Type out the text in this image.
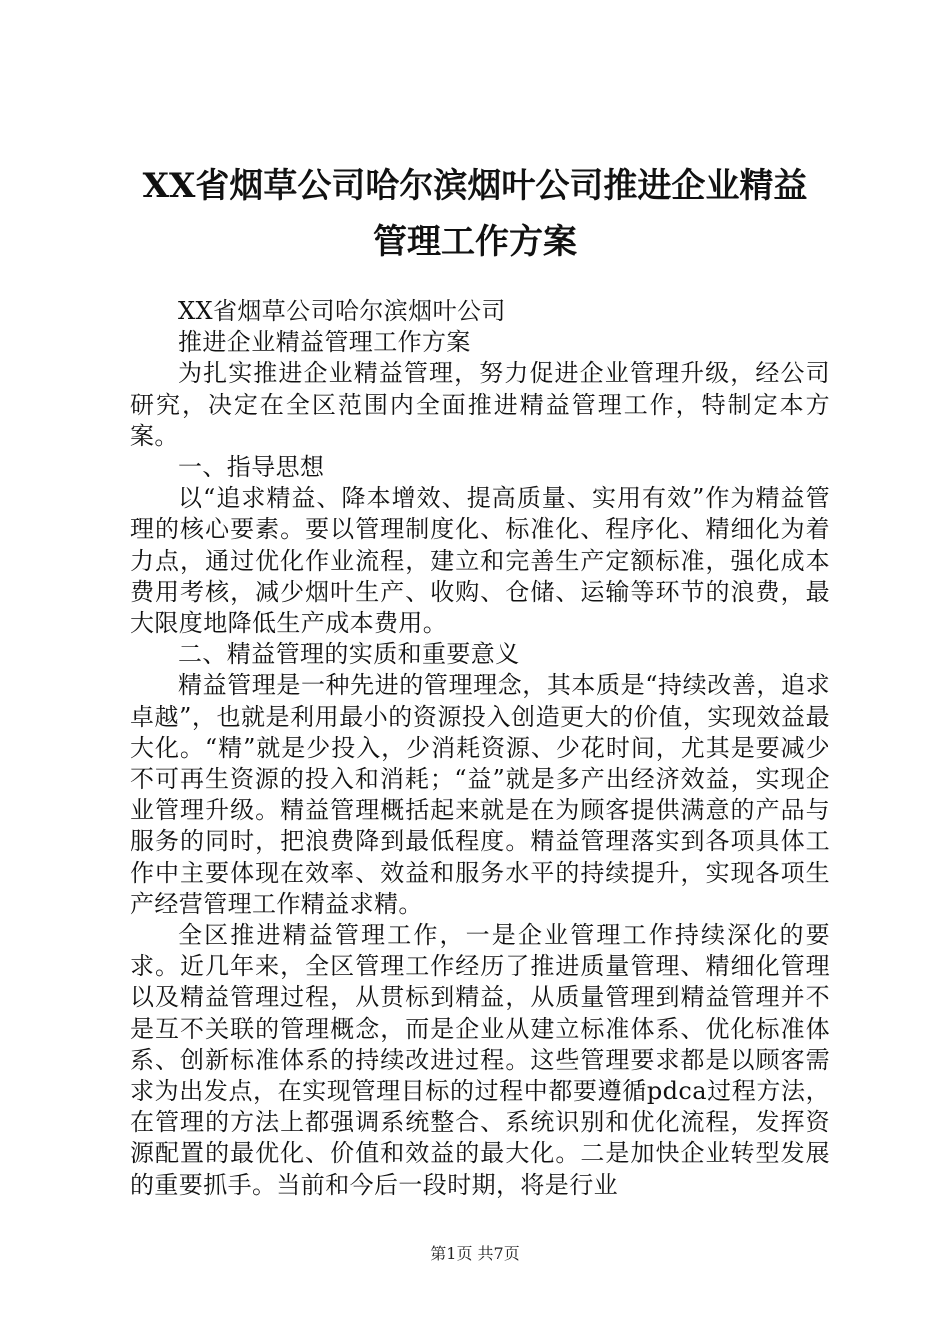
XX省烟草公司哈尔滨烟叶公司推进企业精益
管理工作方案

XX省烟草公司哈尔滨烟叶公司

推进企业精益管理工作方案

为扎实推进企业精益管理，努力促进企业管理升级，经公司研究，决定在全区范围内全面推进精益管理工作，特制定本方案。

一、指导思想

以“追求精益、降本增效、提高质量、实用有效”作为精益管理的核心要素。要以管理制度化、标准化、程序化、精细化为着力点，通过优化作业流程，建立和完善生产定额标准，强化成本费用考核，减少烟叶生产、收购、仓储、运输等环节的浪费，最大限度地降低生产成本费用。

二、精益管理的实质和重要意义

精益管理是一种先进的管理理念，其本质是“持续改善，追求卓越”，也就是利用最小的资源投入创造更大的价值，实现效益最大化。“精”就是少投入，少消耗资源、少花时间，尤其是要减少不可再生资源的投入和消耗；“益”就是多产出经济效益，实现企业管理升级。精益管理概括起来就是在为顾客提供满意的产品与服务的同时，把浪费降到最低程度。精益管理落实到各项具体工作中主要体现在效率、效益和服务水平的持续提升，实现各项生产经营管理工作精益求精。

全区推进精益管理工作，一是企业管理工作持续深化的要求。近几年来，全区管理工作经历了推进质量管理、精细化管理以及精益管理过程，从贯标到精益，从质量管理到精益管理并不是互不关联的管理概念，而是企业从建立标准体系、优化标准体系、创新标准体系的持续改进过程。这些管理要求都是以顾客需求为出发点，在实现管理目标的过程中都要遵循pdca过程方法，在管理的方法上都强调系统整合、系统识别和优化流程，发挥资源配置的最优化、价值和效益的最大化。二是加快企业转型发展的重要抓手。当前和今后一段时期，将是行业

第1页 共7页
